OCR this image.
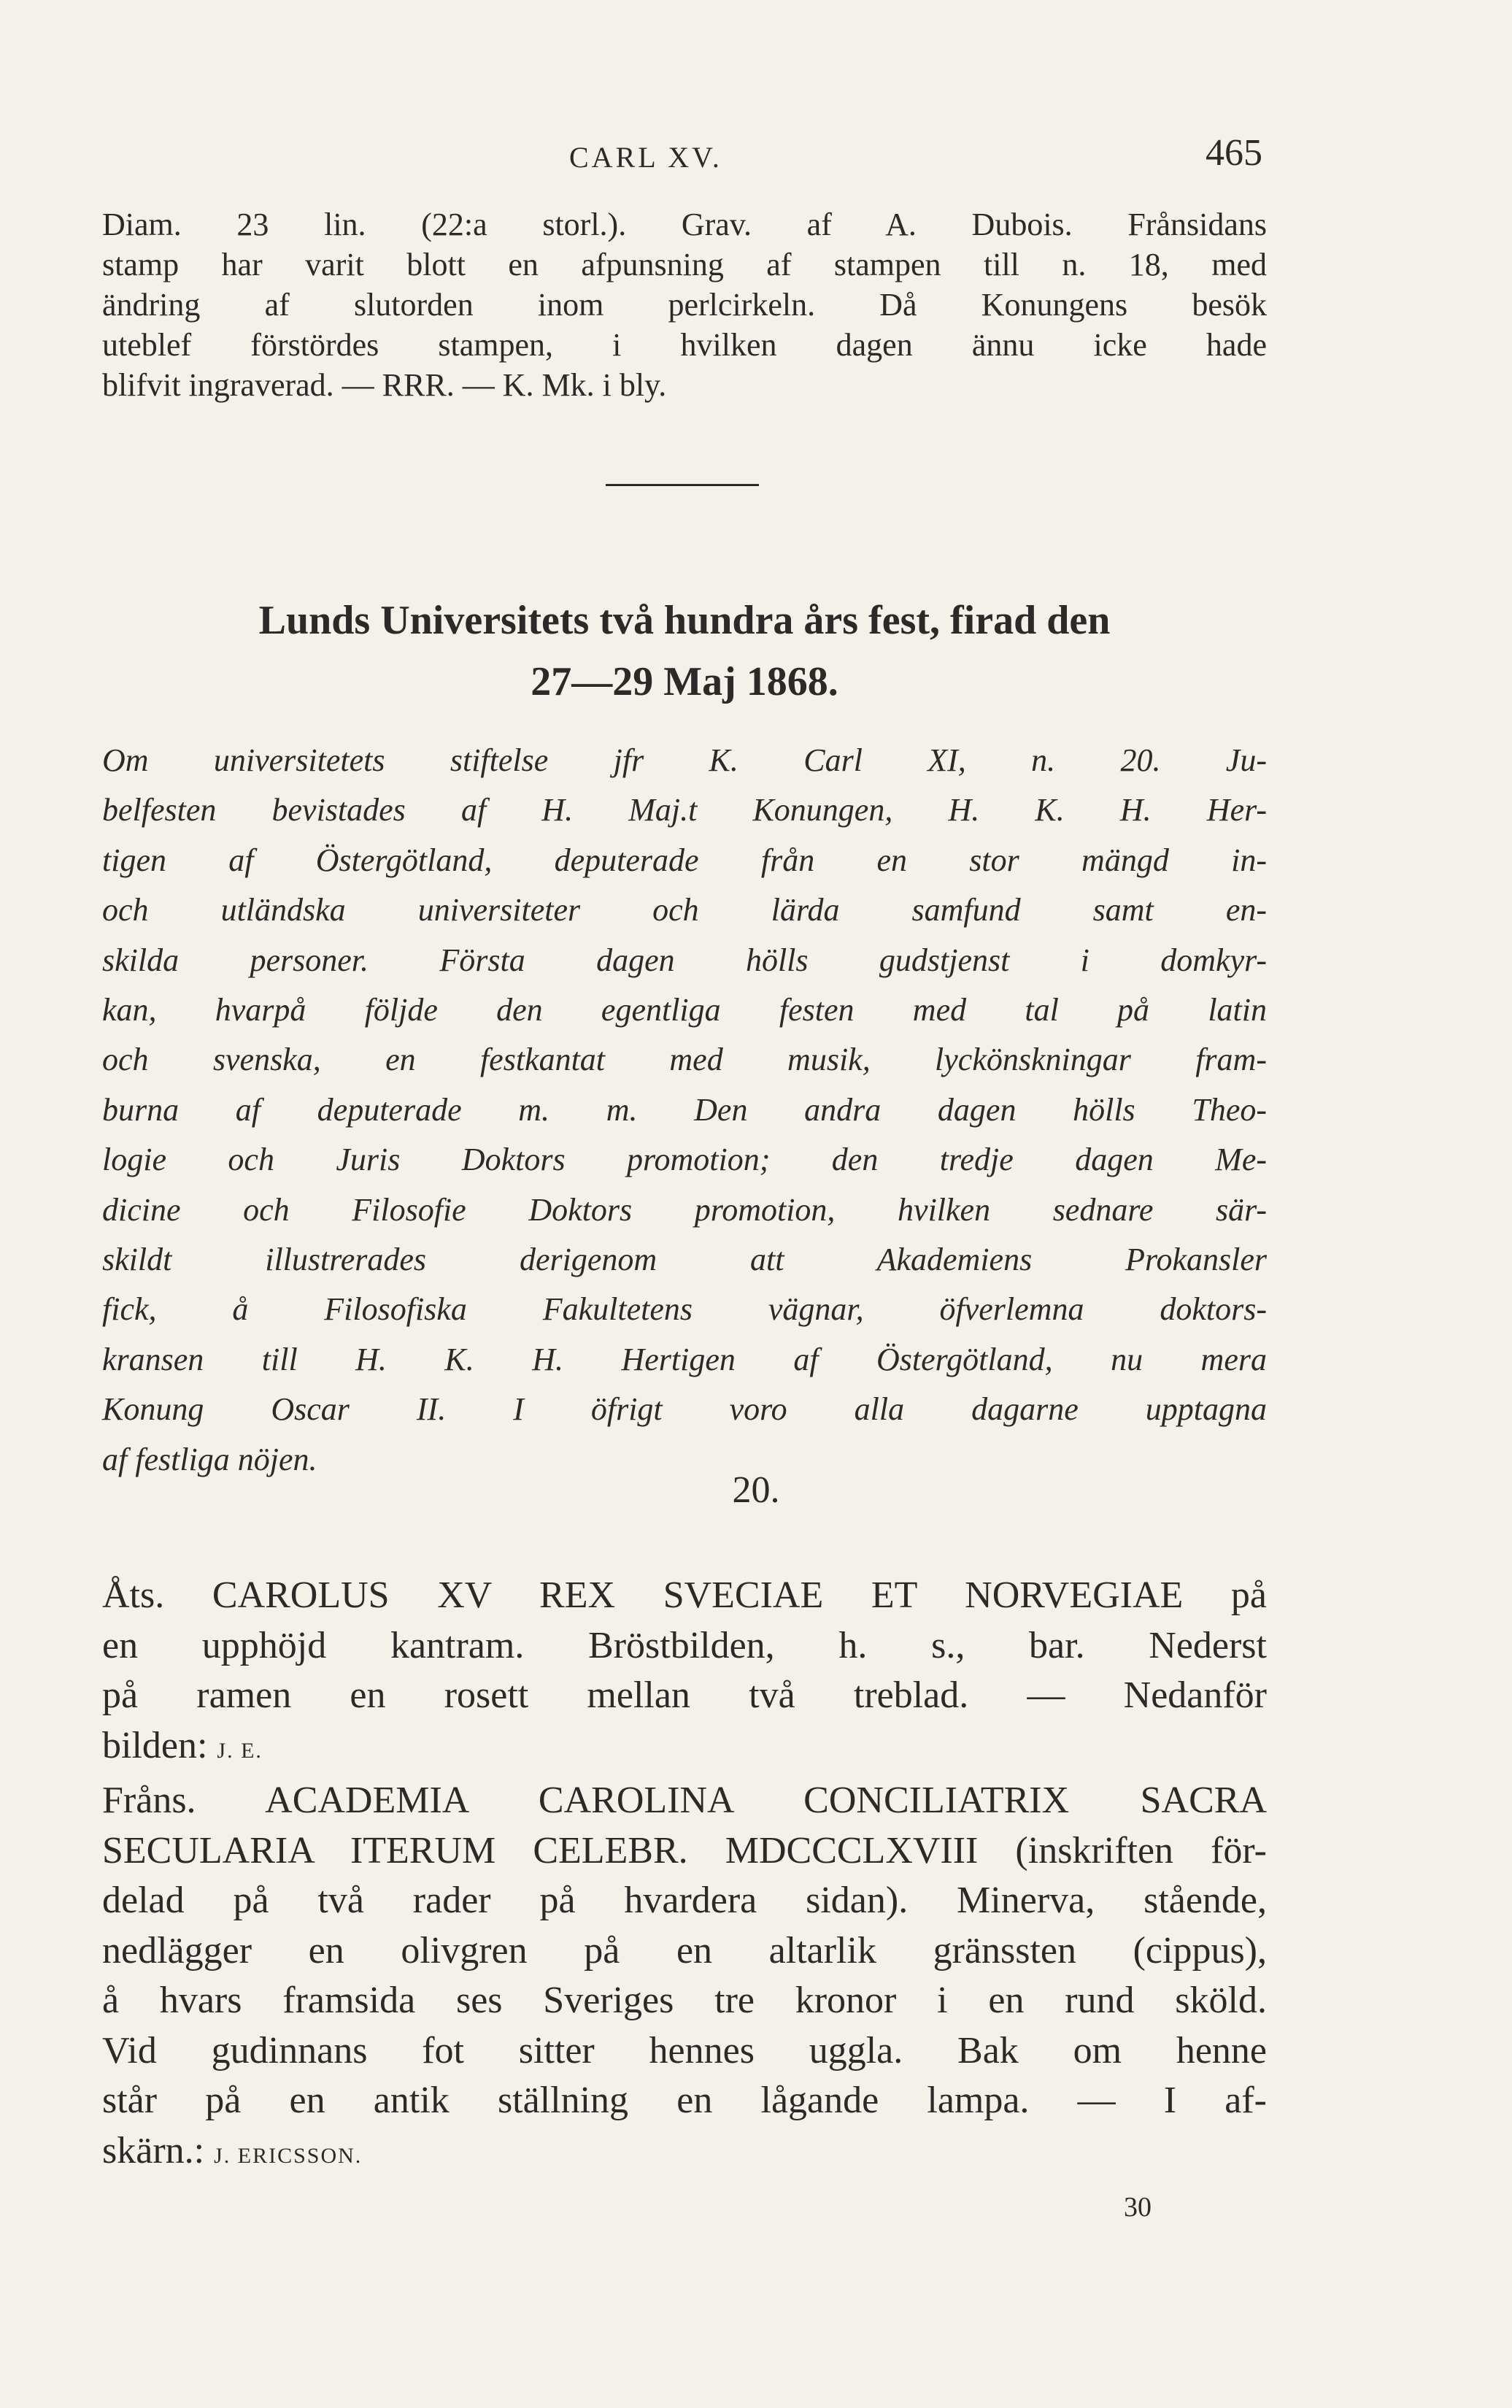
CARL XV.	465
Diam. 23 lin. (22:a storl.). Grav. af A. Dubois. Frånsidans
stamp har varit blott en afpunsning af stampen till n. 18, med
ändring af slutorden inom perlcirkeln. Då Konungens besök
uteblef förstördes stampen, i hvilken dagen ännu icke hade
blifvit ingraverad. — RRR. — K. Mk. i bly.
Lunds Universitets två hundra års fest, firad den
27—29 Maj 1868.
Om universitetets stiftelse jfr K. Carl XI, n. 20. Ju-
belfesten bevistades af H. Maj.t Konungen, H. K. H. Her-
tigen af Östergötland, deputerade från en stor mängd in-
och utländska universiteter och lärda samfund samt en-
skilda personer. Första dagen hölls gudstjenst i domkyr-
kan, hvarpå följde den egentliga festen med tal på latin
och svenska, en festkantat med musik, lyckönskningar fram-
burna af deputerade m. m. Den andra dagen hölls Theo-
logie och Juris Doktors promotion; den tredje dagen Me-
dicine och Filosofie Doktors promotion, hvilken sednare sär-
skildt illustrerades derigenom att Akademiens Prokansler
fick, å Filosofiska Fakultetens vägnar, öfverlemna doktors-
kransen till H. K. H. Hertigen af Östergötland, nu mera
Konung Oscar II. I öfrigt voro alla dagarne upptagna
af festliga nöjen.
20.
Åts. CAROLUS XV REX SVECIAE ET NORVEGIAE på
en upphöjd kantram. Bröstbilden, h. s., bar. Nederst
på ramen en rosett mellan två treblad. — Nedanför
bilden: J. E.
Fråns. ACADEMIA CAROLINA CONCILIATRIX SACRA
SECULARIA ITERUM CELEBR. MDCCCLXVIII (inskriften för-
delad på två rader på hvardera sidan). Minerva, stående,
nedlägger en olivgren på en altarlik gränssten (cippus),
å hvars framsida ses Sveriges tre kronor i en rund sköld.
Vid gudinnans fot sitter hennes uggla. Bak om henne
står på en antik ställning en lågande lampa. — I af-
skärn.: J. ERICSSON.
30
